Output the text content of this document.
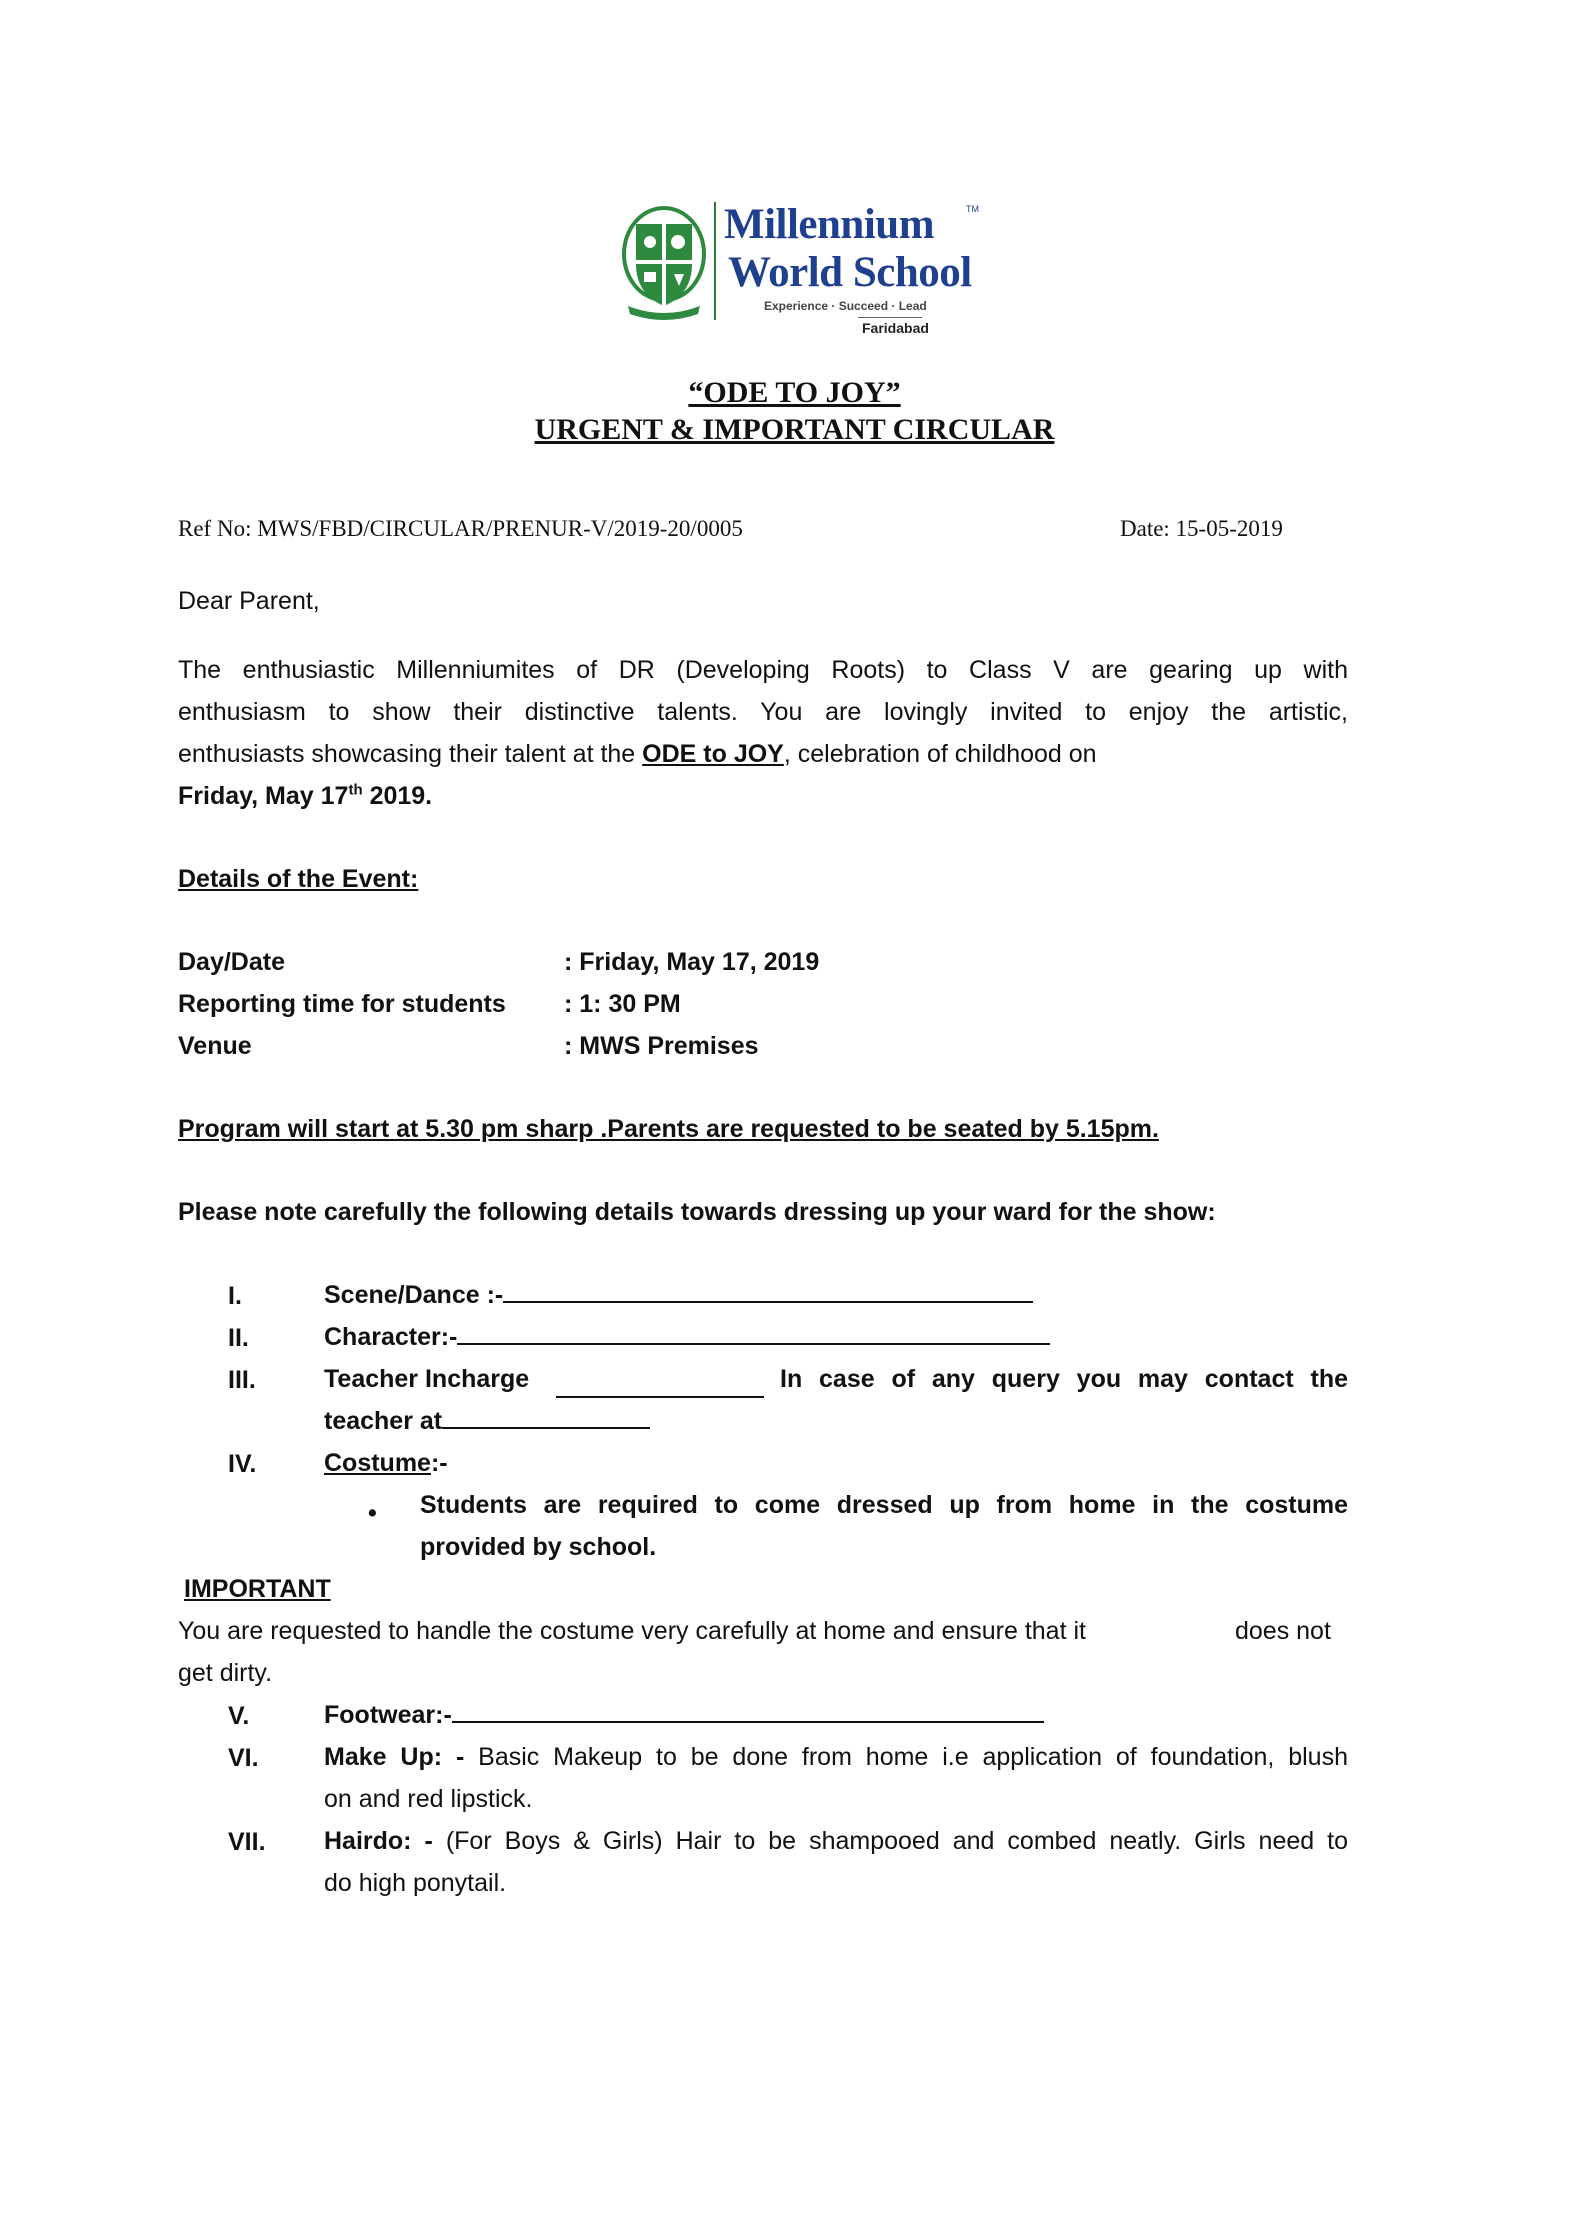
Millennium	TM
World School
Experience · Succeed · Lead
Faridabad
“ODE TO JOY”
URGENT & IMPORTANT CIRCULAR
Ref No: MWS/FBD/CIRCULAR/PRENUR-V/2019-20/0005	Date: 15-05-2019
Dear Parent,
The enthusiastic Millenniumites of DR (Developing Roots) to Class V are gearing up with
enthusiasm to show their distinctive talents. You are lovingly invited to enjoy the artistic,
enthusiasts showcasing their talent at the ODE to JOY, celebration of childhood on
Friday, May 17th 2019.
Details of the Event:
Day/Date	: Friday, May 17, 2019
Reporting time for students : 1: 30 PM
Venue	: MWS Premises
Program will start at 5.30 pm sharp .Parents are requested to be seated by 5.15pm.
Please note carefully the following details towards dressing up your ward for the show:
I.	Scene/Dance :-
II.	Character:-
III.	Teacher Incharge	In case of any query you may contact the
teacher at
IV.	Costume:-
• Students are required to come dressed up from home in the costume
provided by school.
IMPORTANT
You are requested to handle the costume very carefully at home and ensure that it	does not
get dirty.
V.	Footwear:-
VI.	Make Up: - Basic Makeup to be done from home i.e application of foundation, blush
on and red lipstick.
VII. Hairdo: - (For Boys & Girls) Hair to be shampooed and combed neatly. Girls need to
do high ponytail.
